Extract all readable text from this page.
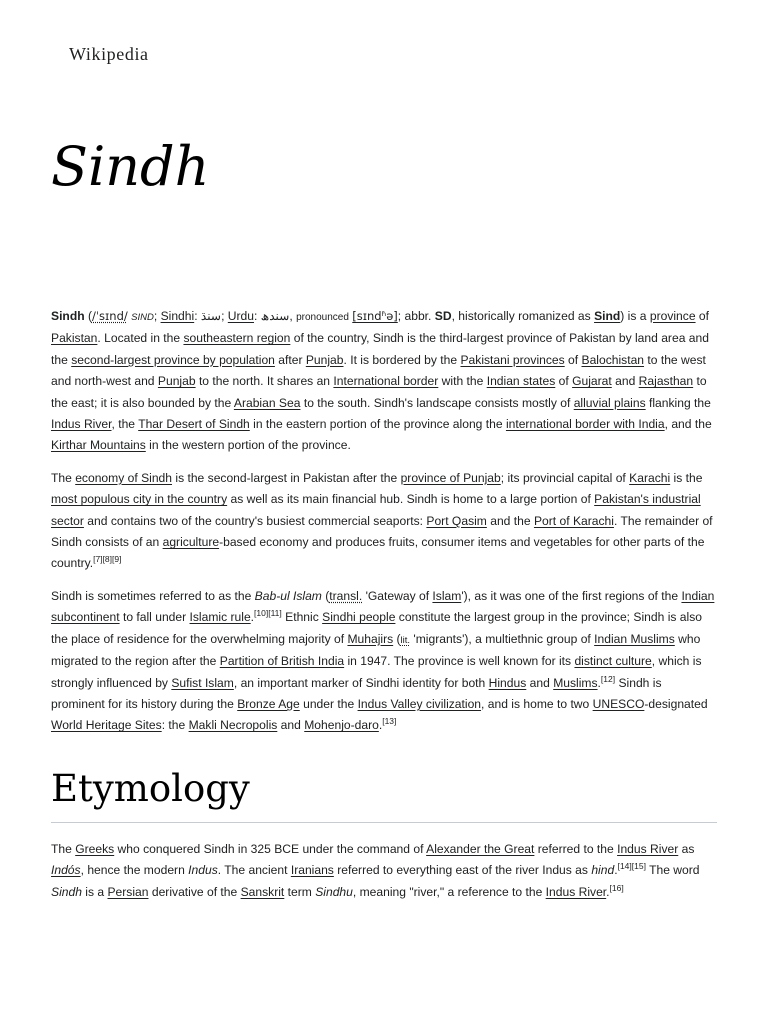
Wikipedia
Sindh

Sindh (/ˈsɪnd/ SIND; Sindhi: سنڌ; Urdu: سندھ, pronounced [sɪndʱə]; abbr. SD, historically romanized as Sind) is a province of Pakistan. Located in the southeastern region of the country, Sindh is the third-largest province of Pakistan by land area and the second-largest province by population after Punjab. It is bordered by the Pakistani provinces of Balochistan to the west and north-west and Punjab to the north. It shares an International border with the Indian states of Gujarat and Rajasthan to the east; it is also bounded by the Arabian Sea to the south. Sindh's landscape consists mostly of alluvial plains flanking the Indus River, the Thar Desert of Sindh in the eastern portion of the province along the international border with India, and the Kirthar Mountains in the western portion of the province.

The economy of Sindh is the second-largest in Pakistan after the province of Punjab; its provincial capital of Karachi is the most populous city in the country as well as its main financial hub. Sindh is home to a large portion of Pakistan's industrial sector and contains two of the country's busiest commercial seaports: Port Qasim and the Port of Karachi. The remainder of Sindh consists of an agriculture-based economy and produces fruits, consumer items and vegetables for other parts of the country.[7][8][9]

Sindh is sometimes referred to as the Bab-ul Islam (transl. 'Gateway of Islam'), as it was one of the first regions of the Indian subcontinent to fall under Islamic rule.[10][11] Ethnic Sindhi people constitute the largest group in the province; Sindh is also the place of residence for the overwhelming majority of Muhajirs (lit. 'migrants'), a multiethnic group of Indian Muslims who migrated to the region after the Partition of British India in 1947. The province is well known for its distinct culture, which is strongly influenced by Sufist Islam, an important marker of Sindhi identity for both Hindus and Muslims.[12] Sindh is prominent for its history during the Bronze Age under the Indus Valley civilization, and is home to two UNESCO-designated World Heritage Sites: the Makli Necropolis and Mohenjo-daro.[13]

Etymology

The Greeks who conquered Sindh in 325 BCE under the command of Alexander the Great referred to the Indus River as Indós, hence the modern Indus. The ancient Iranians referred to everything east of the river Indus as hind.[14][15] The word Sindh is a Persian derivative of the Sanskrit term Sindhu, meaning "river," a reference to the Indus River.[16]
